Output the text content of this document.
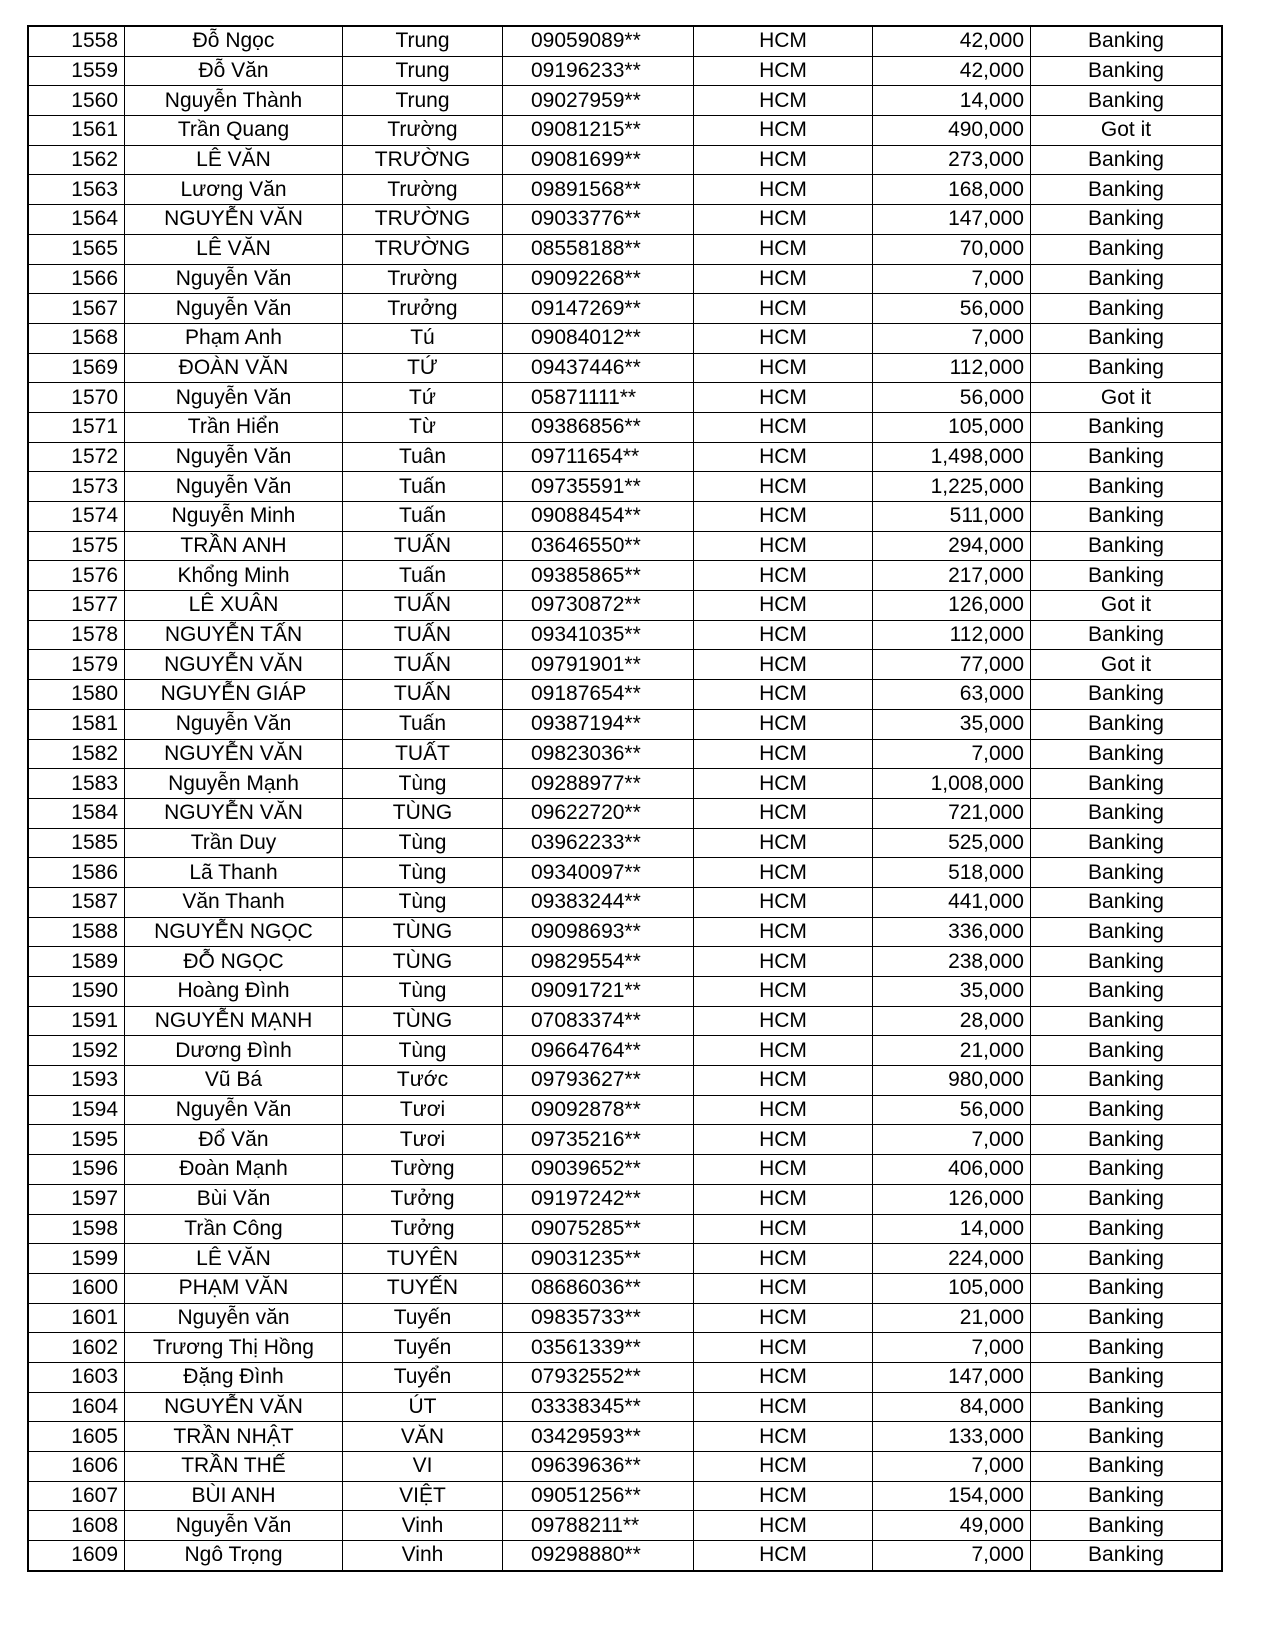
1558	Đỗ Ngọc	Trung	09059089**	HCM	42,000	Banking
1559	Đỗ Văn	Trung	09196233**	HCM	42,000	Banking
1560	Nguyễn Thành	Trung	09027959**	HCM	14,000	Banking
1561	Trần Quang	Trường	09081215**	HCM	490,000	Got it
1562	LÊ VĂN	TRƯỜNG	09081699**	HCM	273,000	Banking
1563	Lương Văn	Trường	09891568**	HCM	168,000	Banking
1564	NGUYỄN VĂN	TRƯỜNG	09033776**	HCM	147,000	Banking
1565	LÊ VĂN	TRƯỜNG	08558188**	HCM	70,000	Banking
1566	Nguyễn Văn	Trường	09092268**	HCM	7,000	Banking
1567	Nguyễn Văn	Trưởng	09147269**	HCM	56,000	Banking
1568	Phạm Anh	Tú	09084012**	HCM	7,000	Banking
1569	ĐOÀN VĂN	TỨ	09437446**	HCM	112,000	Banking
1570	Nguyễn Văn	Tứ	05871111**	HCM	56,000	Got it
1571	Trần Hiển	Từ	09386856**	HCM	105,000	Banking
1572	Nguyễn Văn	Tuân	09711654**	HCM	1,498,000	Banking
1573	Nguyễn Văn	Tuấn	09735591**	HCM	1,225,000	Banking
1574	Nguyễn Minh	Tuấn	09088454**	HCM	511,000	Banking
1575	TRẦN ANH	TUẤN	03646550**	HCM	294,000	Banking
1576	Khổng Minh	Tuấn	09385865**	HCM	217,000	Banking
1577	LÊ XUÂN	TUẤN	09730872**	HCM	126,000	Got it
1578	NGUYỄN TẤN	TUẤN	09341035**	HCM	112,000	Banking
1579	NGUYỄN VĂN	TUẤN	09791901**	HCM	77,000	Got it
1580	NGUYỄN GIÁP	TUẤN	09187654**	HCM	63,000	Banking
1581	Nguyễn Văn	Tuấn	09387194**	HCM	35,000	Banking
1582	NGUYỄN VĂN	TUẤT	09823036**	HCM	7,000	Banking
1583	Nguyễn Mạnh	Tùng	09288977**	HCM	1,008,000	Banking
1584	NGUYỄN VĂN	TÙNG	09622720**	HCM	721,000	Banking
1585	Trần Duy	Tùng	03962233**	HCM	525,000	Banking
1586	Lã Thanh	Tùng	09340097**	HCM	518,000	Banking
1587	Văn Thanh	Tùng	09383244**	HCM	441,000	Banking
1588	NGUYỄN NGỌC	TÙNG	09098693**	HCM	336,000	Banking
1589	ĐỖ NGỌC	TÙNG	09829554**	HCM	238,000	Banking
1590	Hoàng Đình	Tùng	09091721**	HCM	35,000	Banking
1591	NGUYỄN MẠNH	TÙNG	07083374**	HCM	28,000	Banking
1592	Dương Đình	Tùng	09664764**	HCM	21,000	Banking
1593	Vũ Bá	Tước	09793627**	HCM	980,000	Banking
1594	Nguyễn Văn	Tươi	09092878**	HCM	56,000	Banking
1595	Đổ Văn	Tươi	09735216**	HCM	7,000	Banking
1596	Đoàn Mạnh	Tường	09039652**	HCM	406,000	Banking
1597	Bùi Văn	Tưởng	09197242**	HCM	126,000	Banking
1598	Trần Công	Tưởng	09075285**	HCM	14,000	Banking
1599	LÊ VĂN	TUYÊN	09031235**	HCM	224,000	Banking
1600	PHẠM VĂN	TUYẾN	08686036**	HCM	105,000	Banking
1601	Nguyễn văn	Tuyến	09835733**	HCM	21,000	Banking
1602	Trương Thị Hồng	Tuyến	03561339**	HCM	7,000	Banking
1603	Đặng Đình	Tuyển	07932552**	HCM	147,000	Banking
1604	NGUYỄN VĂN	ÚT	03338345**	HCM	84,000	Banking
1605	TRẦN NHẬT	VĂN	03429593**	HCM	133,000	Banking
1606	TRẦN THẾ	VI	09639636**	HCM	7,000	Banking
1607	BÙI ANH	VIỆT	09051256**	HCM	154,000	Banking
1608	Nguyễn Văn	Vinh	09788211**	HCM	49,000	Banking
1609	Ngô Trọng	Vinh	09298880**	HCM	7,000	Banking
